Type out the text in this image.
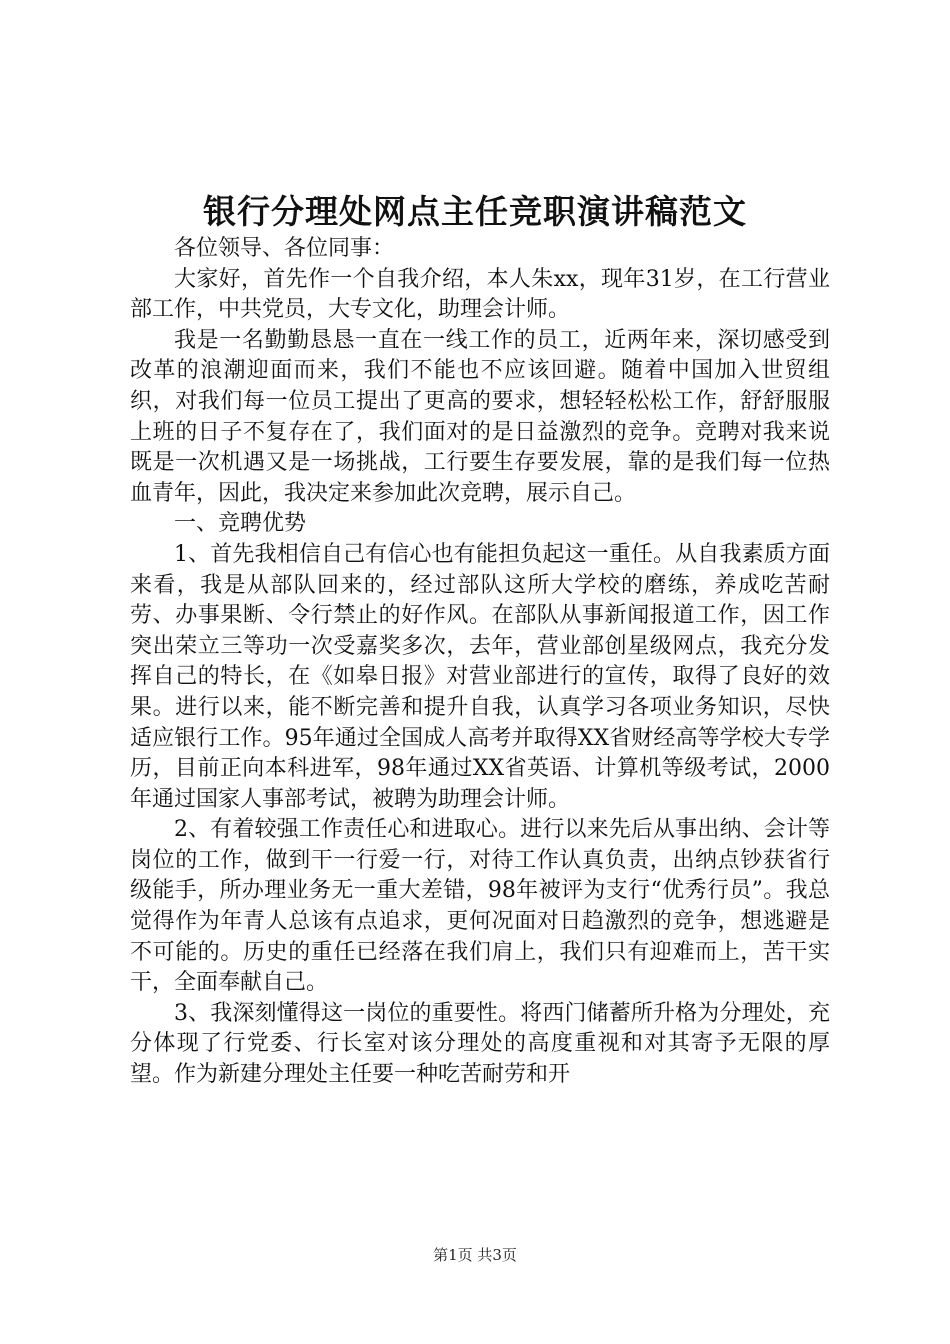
银行分理处网点主任竞职演讲稿范文

各位领导、各位同事：

大家好，首先作一个自我介绍，本人朱xx，现年31岁，在工行营业部工作，中共党员，大专文化，助理会计师。

我是一名勤勤恳恳一直在一线工作的员工，近两年来，深切感受到改革的浪潮迎面而来，我们不能也不应该回避。随着中国加入世贸组织，对我们每一位员工提出了更高的要求，想轻轻松松工作，舒舒服服上班的日子不复存在了，我们面对的是日益激烈的竞争。竞聘对我来说既是一次机遇又是一场挑战，工行要生存要发展，靠的是我们每一位热血青年，因此，我决定来参加此次竞聘，展示自己。

一、竞聘优势

1、首先我相信自己有信心也有能担负起这一重任。从自我素质方面来看，我是从部队回来的，经过部队这所大学校的磨练，养成吃苦耐劳、办事果断、令行禁止的好作风。在部队从事新闻报道工作，因工作突出荣立三等功一次受嘉奖多次，去年，营业部创星级网点，我充分发挥自己的特长，在《如皋日报》对营业部进行的宣传，取得了良好的效果。进行以来，能不断完善和提升自我，认真学习各项业务知识，尽快适应银行工作。95年通过全国成人高考并取得XX省财经高等学校大专学历，目前正向本科进军，98年通过XX省英语、计算机等级考试，2000年通过国家人事部考试，被聘为助理会计师。

2、有着较强工作责任心和进取心。进行以来先后从事出纳、会计等岗位的工作，做到干一行爱一行，对待工作认真负责，出纳点钞获省行级能手，所办理业务无一重大差错，98年被评为支行“优秀行员”。我总觉得作为年青人总该有点追求，更何况面对日趋激烈的竞争，想逃避是不可能的。历史的重任已经落在我们肩上，我们只有迎难而上，苦干实干，全面奉献自己。

3、我深刻懂得这一岗位的重要性。将西门储蓄所升格为分理处，充分体现了行党委、行长室对该分理处的高度重视和对其寄予无限的厚望。作为新建分理处主任要一种吃苦耐劳和开

第1页 共3页
